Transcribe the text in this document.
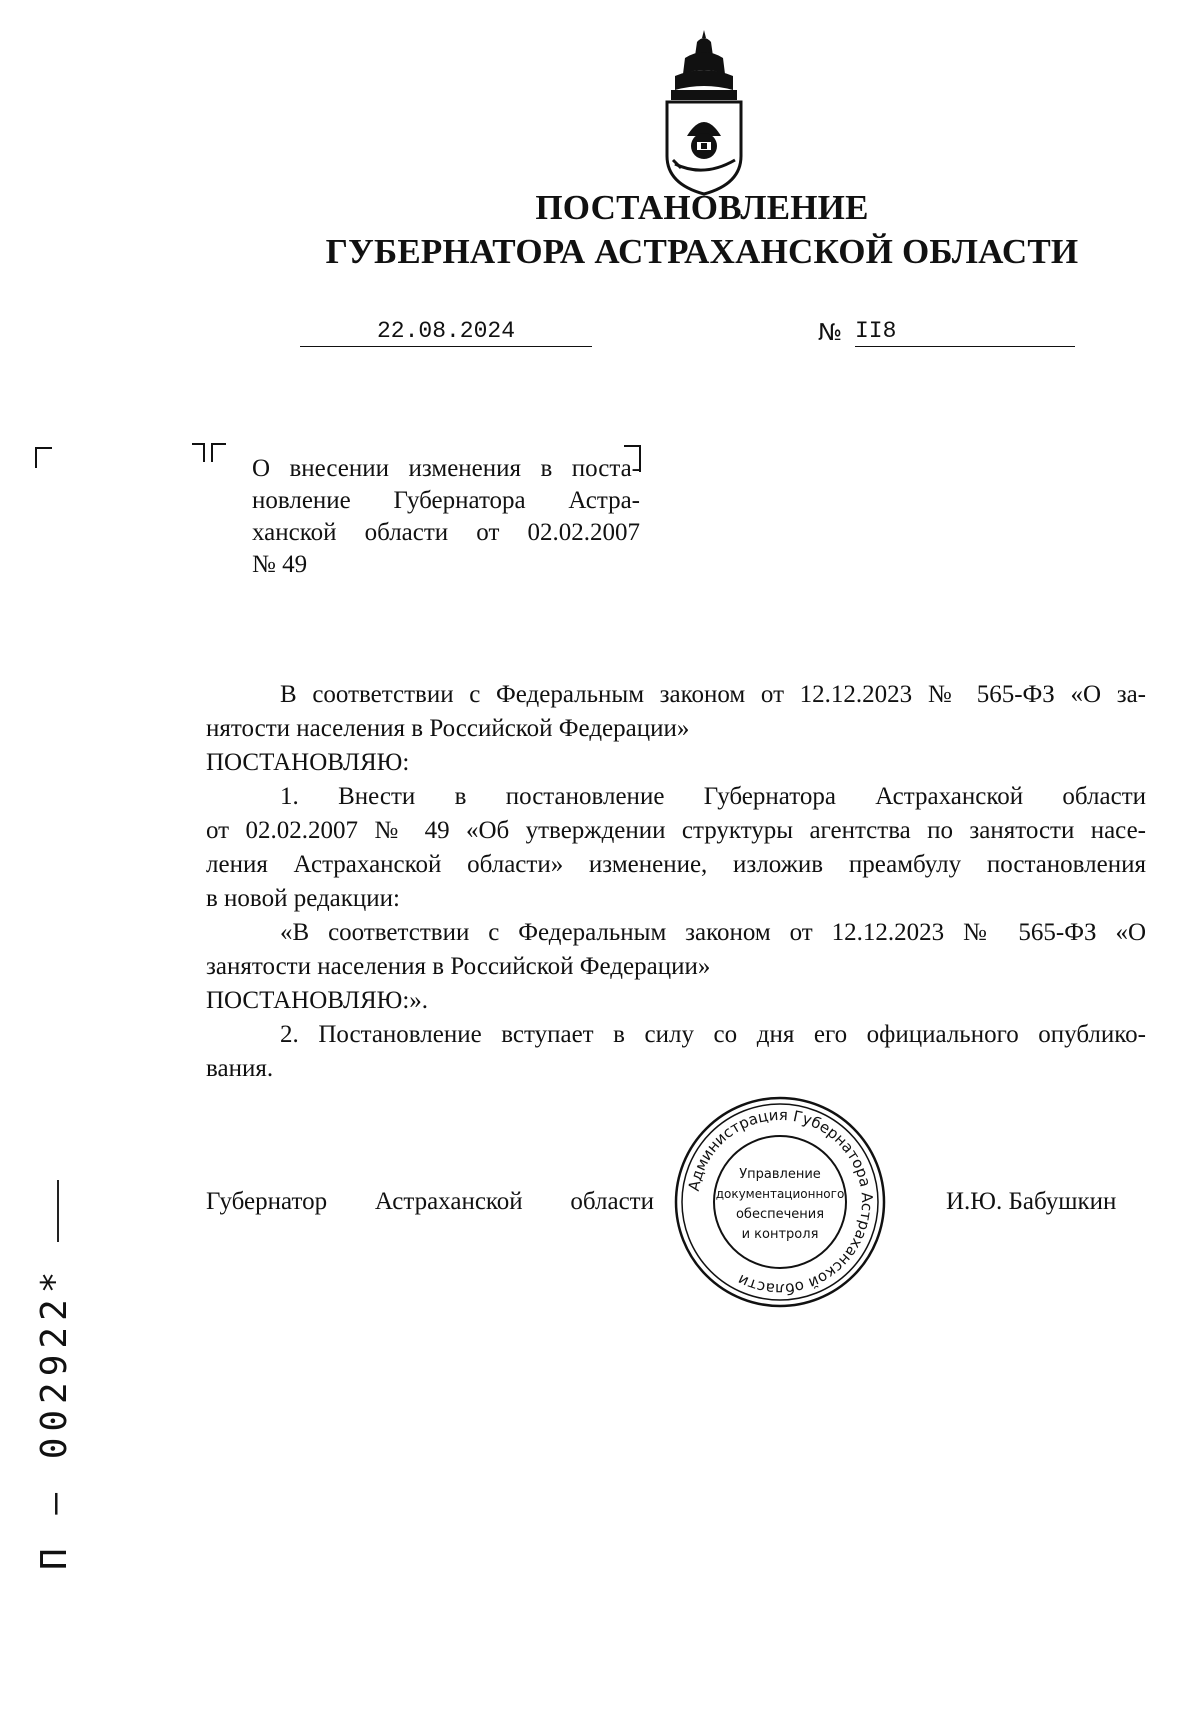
ПОСТАНОВЛЕНИЕ
ГУБЕРНАТОРА АСТРАХАНСКОЙ ОБЛАСТИ
22.08.2024	№ II8
О внесении изменения в поста-
новление Губернатора Астра-
ханской области от 02.02.2007
№ 49

В соответствии с Федеральным законом от 12.12.2023 № 565-ФЗ «О за-

нятости населения в Российской Федерации»

ПОСТАНОВЛЯЮ:

1. Внести в постановление Губернатора Астраханской области

от 02.02.2007 № 49 «Об утверждении структуры агентства по занятости насе-

ления Астраханской области» изменение, изложив преамбулу постановления

в новой редакции:

«В соответствии с Федеральным законом от 12.12.2023 № 565-ФЗ «О

занятости населения в Российской Федерации»

ПОСТАНОВЛЯЮ:».

2. Постановление вступает в силу со дня его официального опублико-

вания.

Губернатор Астраханской области	И.Ю. Бабушкин
Администрация Губернатора Астраханской области
Управление
документационного
обеспечения
и контроля
П – 002922*
